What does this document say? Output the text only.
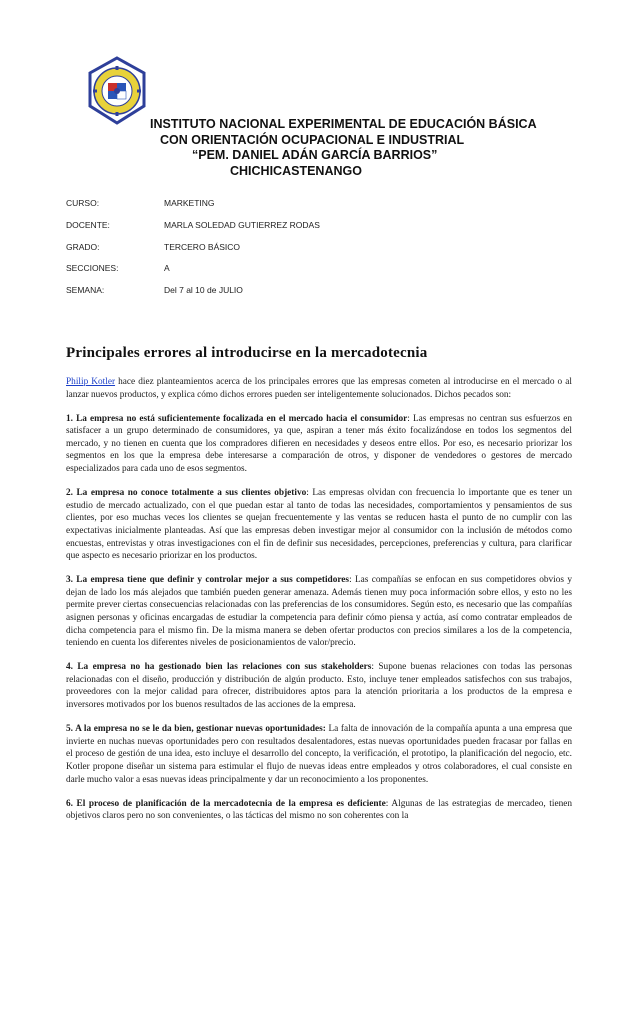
INSTITUTO NACIONAL EXPERIMENTAL DE EDUCACIÓN BÁSICA
CON ORIENTACIÓN OCUPACIONAL E INDUSTRIAL
“PEM. DANIEL ADÁN GARCÍA BARRIOS”
CHICHICASTENANGO
CURSO:	MARKETING
DOCENTE:	MARLA SOLEDAD GUTIERREZ RODAS
GRADO:	TERCERO BÁSICO
SECCIONES:	A
SEMANA:	Del 7 al 10 de JULIO
Principales errores al introducirse en la mercadotecnia

Philip Kotler hace diez planteamientos acerca de los principales errores que las empresas cometen al introducirse en el mercado o al lanzar nuevos productos, y explica cómo dichos errores pueden ser inteligentemente solucionados. Dichos pecados son:

1. La empresa no está suficientemente focalizada en el mercado hacia el consumidor: Las empresas no centran sus esfuerzos en satisfacer a un grupo determinado de consumidores, ya que, aspiran a tener más éxito focalizándose en todos los segmentos del mercado, y no tienen en cuenta que los compradores difieren en necesidades y deseos entre ellos. Por eso, es necesario priorizar los segmentos en los que la empresa debe interesarse a comparación de otros, y disponer de vendedores o gestores de mercado especializados para cada uno de esos segmentos.

2. La empresa no conoce totalmente a sus clientes objetivo: Las empresas olvidan con frecuencia lo importante que es tener un estudio de mercado actualizado, con el que puedan estar al tanto de todas las necesidades, comportamientos y pensamientos de sus clientes, por eso muchas veces los clientes se quejan frecuentemente y las ventas se reducen hasta el punto de no cumplir con las expectativas inicialmente planteadas. Así que las empresas deben investigar mejor al consumidor con la inclusión de métodos como encuestas, entrevistas y otras investigaciones con el fin de definir sus necesidades, percepciones, preferencias y cultura, para clarificar que aspecto es necesario priorizar en los productos.

3. La empresa tiene que definir y controlar mejor a sus competidores: Las compañías se enfocan en sus competidores obvios y dejan de lado los más alejados que también pueden generar amenaza. Además tienen muy poca información sobre ellos, y esto no les permite prever ciertas consecuencias relacionadas con las preferencias de los consumidores. Según esto, es necesario que las compañías asignen personas y oficinas encargadas de estudiar la competencia para definir cómo piensa y actúa, así como contratar empleados de dicha competencia para el mismo fin. De la misma manera se deben ofertar productos con precios similares a los de la competencia, teniendo en cuenta los diferentes niveles de posicionamientos de valor/precio.

4. La empresa no ha gestionado bien las relaciones con sus stakeholders: Supone buenas relaciones con todas las personas relacionadas con el diseño, producción y distribución de algún producto. Esto, incluye tener empleados satisfechos con sus trabajos, proveedores con la mejor calidad para ofrecer, distribuidores aptos para la atención prioritaria a los productos de la empresa e inversores motivados por los buenos resultados de las acciones de la empresa.

5. A la empresa no se le da bien, gestionar nuevas oportunidades: La falta de innovación de la compañía apunta a una empresa que invierte en nuchas nuevas oportunidades pero con resultados desalentadores, estas nuevas oportunidades pueden fracasar por fallas en el proceso de gestión de una idea, esto incluye el desarrollo del concepto, la verificación, el prototipo, la planificación del negocio, etc. Kotler propone diseñar un sistema para estimular el flujo de nuevas ideas entre empleados y otros colaboradores, el cual consiste en darle mucho valor a esas nuevas ideas principalmente y dar un reconocimiento a los proponentes.

6. El proceso de planificación de la mercadotecnia de la empresa es deficiente: Algunas de las estrategias de mercadeo, tienen objetivos claros pero no son convenientes, o las tácticas del mismo no son coherentes con la
